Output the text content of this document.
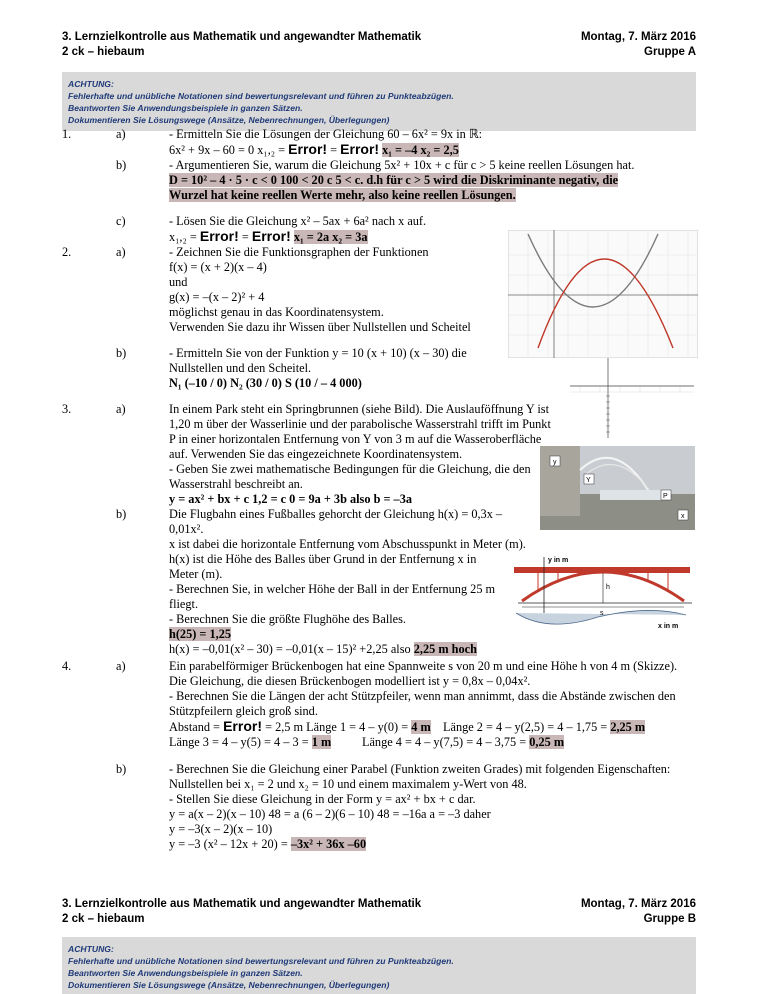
3. Lernzielkontrolle aus Mathematik und angewandter Mathematik
2 ck – hiebaum
Montag, 7. März 2016
Gruppe A
ACHTUNG:
Fehlerhafte und unübliche Notationen sind bewertungsrelevant und führen zu Punkteabzügen.
Beantworten Sie Anwendungsbeispiele in ganzen Sätzen.
Dokumentieren Sie Lösungswege (Ansätze, Nebenrechnungen, Überlegungen)
1.	a)	- Ermitteln Sie die Lösungen der Gleichung 60 – 6x² = 9x in ℝ:
6x² + 9x – 60 = 0 x₁,₂ = Error! = Error! x₁ = –4 x₂ = 2,5
b)	- Argumentieren Sie, warum die Gleichung 5x² + 10x + c für c > 5 keine reellen Lösungen hat.
D = 10² – 4 · 5 · c < 0 100 < 20 c 5 < c. d.h für c > 5 wird die Diskriminante negativ, die
Wurzel hat keine reellen Werte mehr, also keine reellen Lösungen.
c)	- Lösen Sie die Gleichung x² – 5ax + 6a² nach x auf.
x₁,₂ = Error! = Error! x₁ = 2a x₂ = 3a
2.	a)	- Zeichnen Sie die Funktionsgraphen der Funktionen
f(x) = (x + 2)(x – 4)
und
g(x) = –(x – 2)² + 4
möglichst genau in das Koordinatensystem.
Verwenden Sie dazu ihr Wissen über Nullstellen und Scheitel
b)	- Ermitteln Sie von der Funktion y = 10 (x + 10) (x – 30) die
Nullstellen und den Scheitel.
N₁ (–10 / 0) N₂ (30 / 0) S (10 / – 4 000)
3.	a)	In einem Park steht ein Springbrunnen (siehe Bild). Die Auslauföffnung Y ist
1,20 m über der Wasserlinie und der parabolische Wasserstrahl trifft im Punkt
P in einer horizontalen Entfernung von Y von 3 m auf die Wasseroberfläche
auf. Verwenden Sie das eingezeichnete Koordinatensystem.
- Geben Sie zwei mathematische Bedingungen für die Gleichung, die den
Wasserstrahl beschreibt an.
y = ax² + bx + c 1,2 = c 0 = 9a + 3b also b = –3a
b)	Die Flugbahn eines Fußballes gehorcht der Gleichung h(x) = 0,3x –
0,01x².
x ist dabei die horizontale Entfernung vom Abschusspunkt in Meter (m).
h(x) ist die Höhe des Balles über Grund in der Entfernung x in
Meter (m).
- Berechnen Sie, in welcher Höhe der Ball in der Entfernung 25 m
fliegt.
- Berechnen Sie die größte Flughöhe des Balles.
h(25) = 1,25
h(x) = –0,01(x² – 30) = –0,01(x – 15)² +2,25 also 2,25 m hoch
y
Y
P
x
y in m
x in m
h
s
4.	a)	Ein parabelförmiger Brückenbogen hat eine Spannweite s von 20 m und eine Höhe h von 4 m (Skizze).
Die Gleichung, die diesen Brückenbogen modelliert ist y = 0,8x – 0,04x².
- Berechnen Sie die Längen der acht Stützpfeiler, wenn man annimmt, dass die Abstände zwischen den
Stützpfeilern gleich groß sind.
Abstand = Error! = 2,5 m Länge 1 = 4 – y(0) = 4 m Länge 2 = 4 – y(2,5) = 4 – 1,75 = 2,25 m
Länge 3 = 4 – y(5) = 4 – 3 = 1 m	Länge 4 = 4 – y(7,5) = 4 – 3,75 = 0,25 m
b)	- Berechnen Sie die Gleichung einer Parabel (Funktion zweiten Grades) mit folgenden Eigenschaften:
Nullstellen bei x₁ = 2 und x₂ = 10 und einem maximalem y-Wert von 48.
- Stellen Sie diese Gleichung in der Form y = ax² + bx + c dar.
y = a(x – 2)(x – 10) 48 = a (6 – 2)(6 – 10) 48 = –16a a = –3 daher
y = –3(x – 2)(x – 10)
y = –3 (x² – 12x + 20) = –3x² + 36x –60
3. Lernzielkontrolle aus Mathematik und angewandter Mathematik
2 ck – hiebaum
Montag, 7. März 2016
Gruppe B
ACHTUNG:
Fehlerhafte und unübliche Notationen sind bewertungsrelevant und führen zu Punkteabzügen.
Beantworten Sie Anwendungsbeispiele in ganzen Sätzen.
Dokumentieren Sie Lösungswege (Ansätze, Nebenrechnungen, Überlegungen)
